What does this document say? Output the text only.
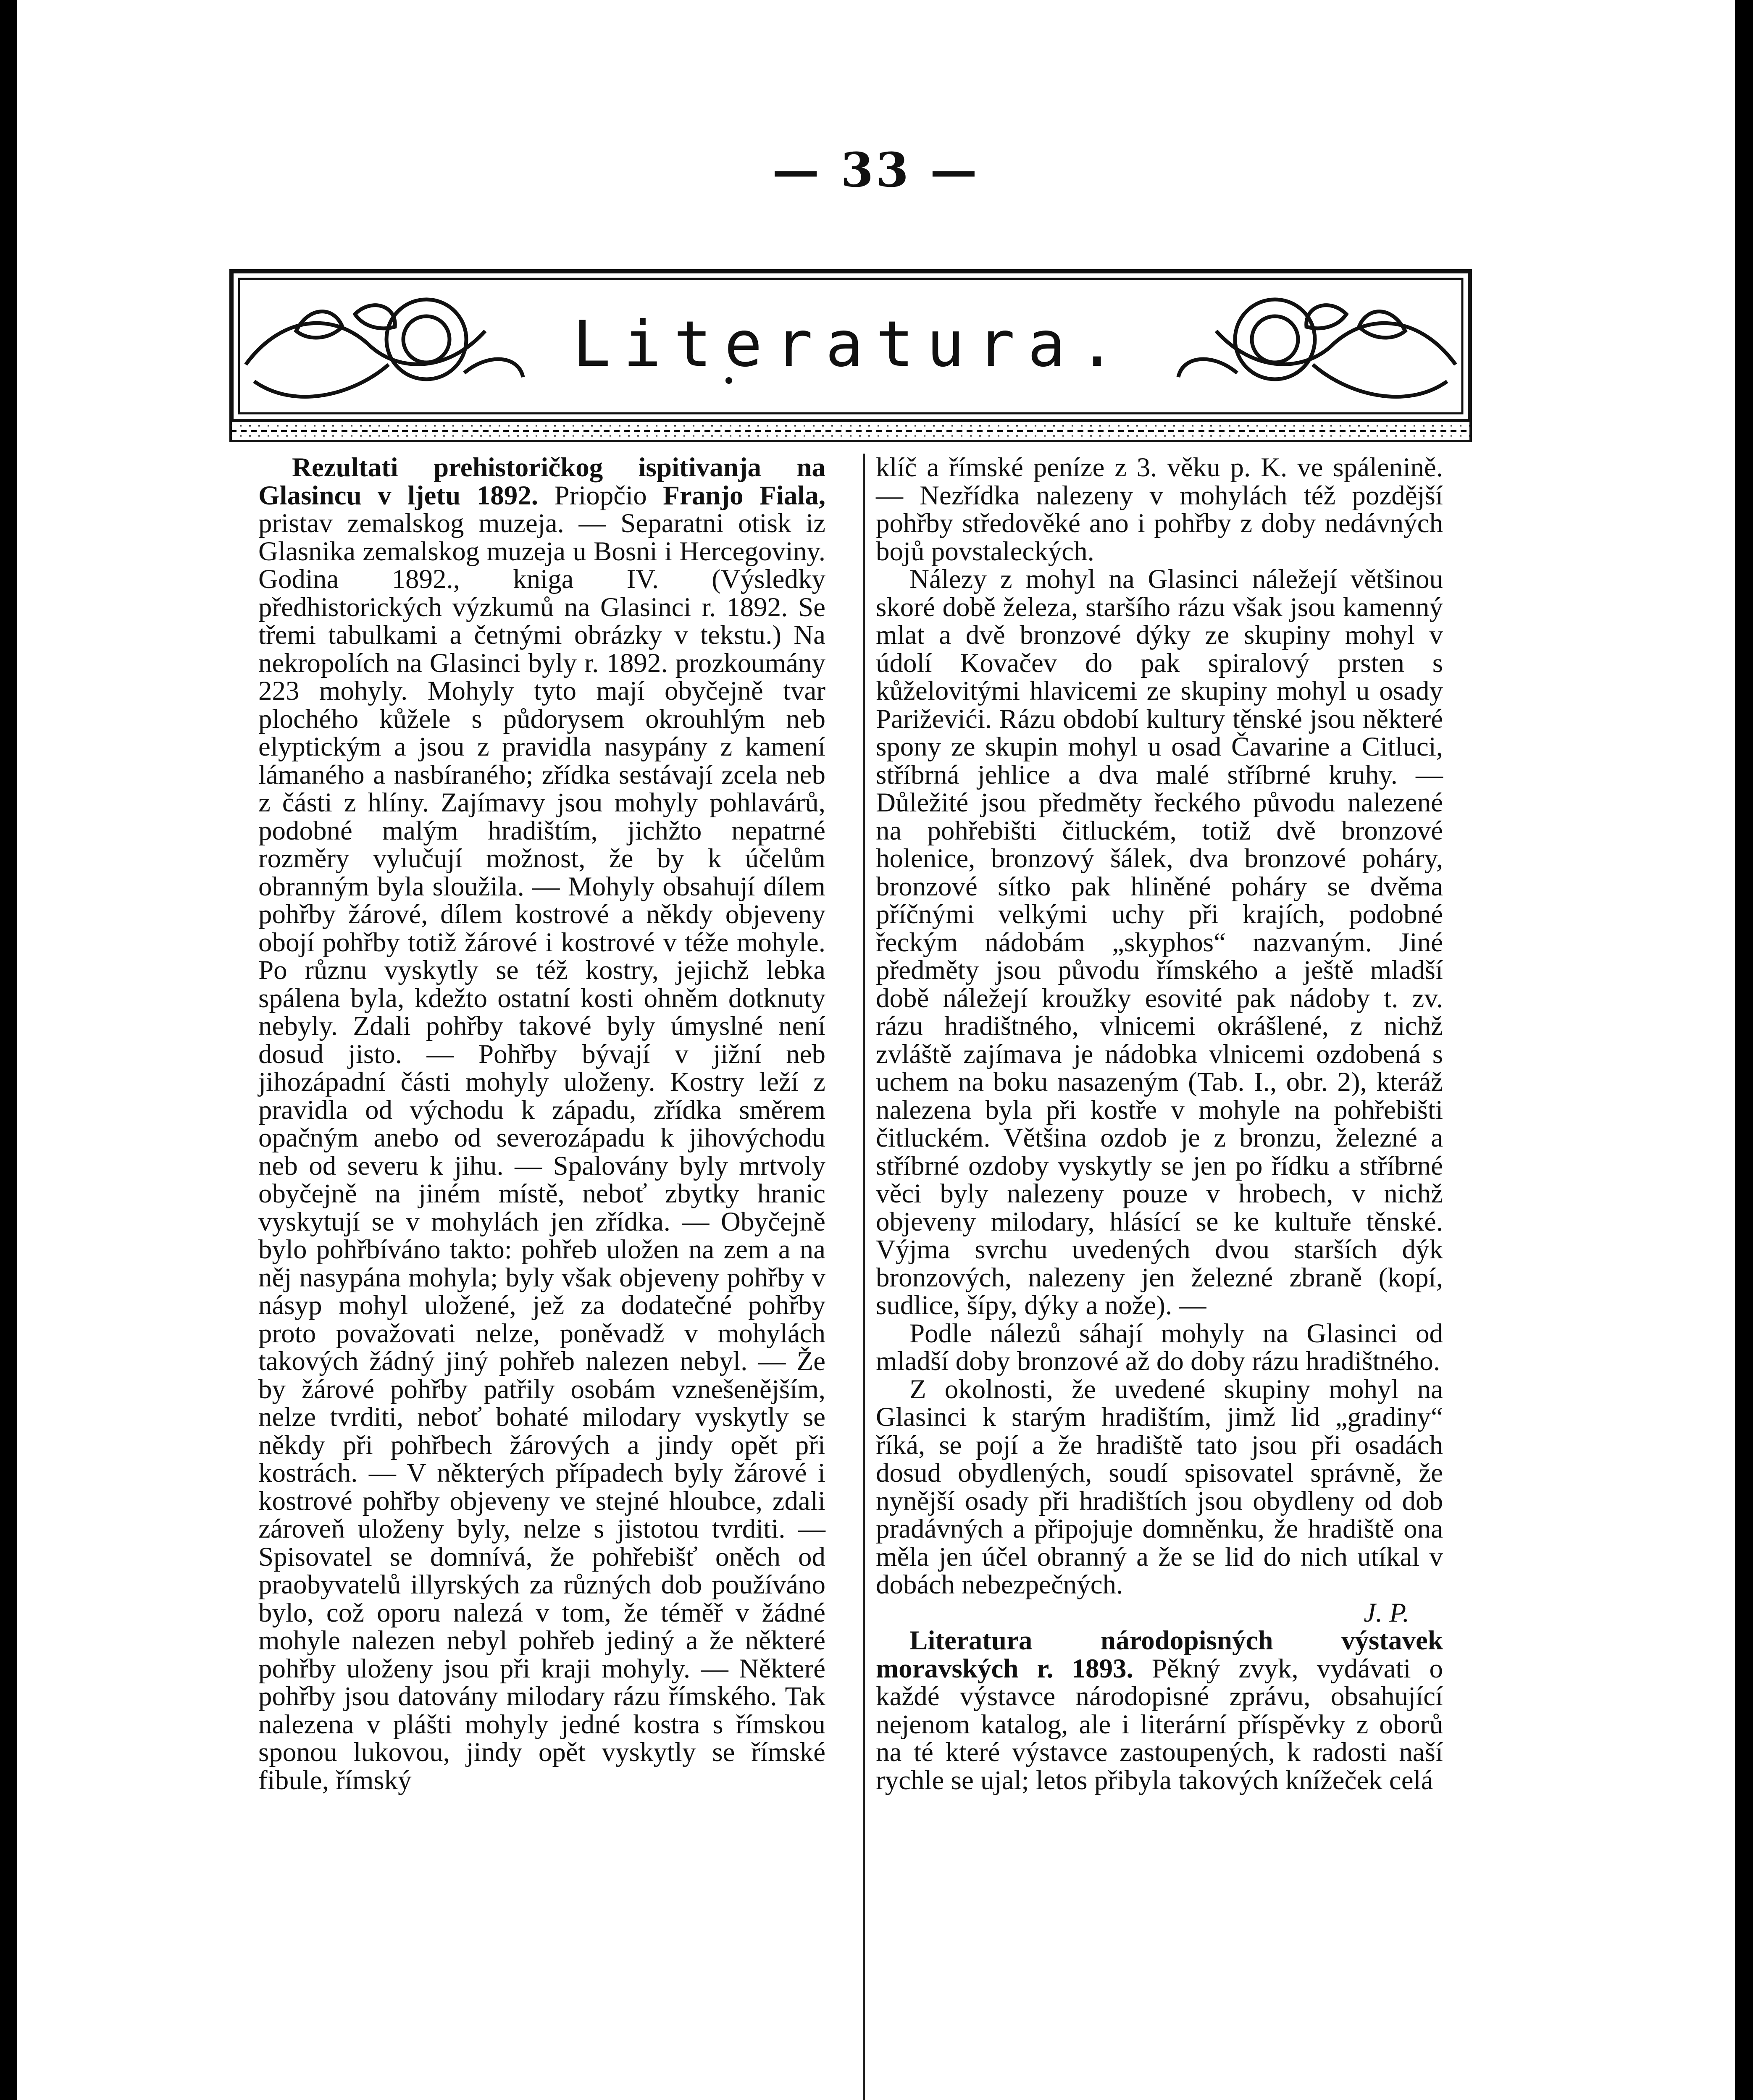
— 33 —
Literatura.

Rezultati prehistoričkog ispitivanja na Glasincu v ljetu 1892. Priopčio Franjo Fiala, pristav zemalskog muzeja. — Separatni otisk iz Glasnika zemalskog muzeja u Bosni i Hercegoviny. Godina 1892., kniga IV. (Výsledky předhistorických výzkumů na Glasinci r. 1892. Se třemi tabulkami a četnými obrázky v tekstu.) Na nekropolích na Glasinci byly r. 1892. prozkoumány 223 mohyly. Mohyly tyto mají obyčejně tvar plochého kůžele s půdorysem okrouhlým neb elyptickým a jsou z pravidla nasypány z kamení lámaného a nasbíraného; zřídka sestávají zcela neb z části z hlíny. Zajímavy jsou mohyly pohlavárů, podobné malým hradištím, jichžto nepatrné rozměry vylučují možnost, že by k účelům obranným byla sloužila. — Mohyly obsahují dílem pohřby žárové, dílem kostrové a někdy objeveny obojí pohřby totiž žárové i kostrové v téže mohyle. Po různu vyskytly se též kostry, jejichž lebka spálena byla, kdežto ostatní kosti ohněm dotknuty nebyly. Zdali pohřby takové byly úmyslné není dosud jisto. — Pohřby bývají v jižní neb jihozápadní části mohyly uloženy. Kostry leží z pravidla od východu k západu, zřídka směrem opačným anebo od severozápadu k jihovýchodu neb od severu k jihu. — Spalovány byly mrtvoly obyčejně na jiném místě, neboť zbytky hranic vyskytují se v mohylách jen zřídka. — Obyčejně bylo pohřbíváno takto: pohřeb uložen na zem a na něj nasypána mohyla; byly však objeveny pohřby v násyp mohyl uložené, jež za dodatečné pohřby proto považovati nelze, poněvadž v mohylách takových žádný jiný pohřeb nalezen nebyl. — Že by žárové pohřby patřily osobám vznešenějším, nelze tvrditi, neboť bohaté milodary vyskytly se někdy při pohřbech žárových a jindy opět při kostrách. — V některých případech byly žárové i kostrové pohřby objeveny ve stejné hloubce, zdali zároveň uloženy byly, nelze s jistotou tvrditi. — Spisovatel se domnívá, že pohřebišť oněch od praobyvatelů illyrských za různých dob používáno bylo, což oporu nalezá v tom, že téměř v žádné mohyle nalezen nebyl pohřeb jediný a že některé pohřby uloženy jsou při kraji mohyly. — Některé pohřby jsou datovány milodary rázu římského. Tak nalezena v plášti mohyly jedné kostra s římskou sponou lukovou, jindy opět vyskytly se římské fibule, římský

klíč a římské peníze z 3. věku p. K. ve spálenině. — Nezřídka nalezeny v mohylách též pozdější pohřby středověké ano i pohřby z doby nedávných bojů povstaleckých.

Nálezy z mohyl na Glasinci náležejí většinou skoré době železa, staršího rázu však jsou kamenný mlat a dvě bronzové dýky ze skupiny mohyl v údolí Kovačev do pak spiralový prsten s kůželovitými hlavicemi ze skupiny mohyl u osady Pariževići. Rázu období kultury těnské jsou některé spony ze skupin mohyl u osad Čavarine a Citluci, stříbrná jehlice a dva malé stříbrné kruhy. — Důležité jsou předměty řeckého původu nalezené na pohřebišti čitluckém, totiž dvě bronzové holenice, bronzový šálek, dva bronzové poháry, bronzové sítko pak hliněné poháry se dvěma příčnými velkými uchy při krajích, podobné řeckým nádobám „skyphos“ nazvaným. Jiné předměty jsou původu římského a ještě mladší době náležejí kroužky esovité pak nádoby t. zv. rázu hradištného, vlnicemi okrášlené, z nichž zvláště zajímava je nádobka vlnicemi ozdobená s uchem na boku nasazeným (Tab. I., obr. 2), kteráž nalezena byla při kostře v mohyle na pohřebišti čitluckém. Většina ozdob je z bronzu, železné a stříbrné ozdoby vyskytly se jen po řídku a stříbrné věci byly nalezeny pouze v hrobech, v nichž objeveny milodary, hlásící se ke kultuře těnské. Výjma svrchu uvedených dvou starších dýk bronzových, nalezeny jen železné zbraně (kopí, sudlice, šípy, dýky a nože). —

Podle nálezů sáhají mohyly na Glasinci od mladší doby bronzové až do doby rázu hradištného.

Z okolnosti, že uvedené skupiny mohyl na Glasinci k starým hradištím, jimž lid „gradiny“ říká, se pojí a že hradiště tato jsou při osadách dosud obydlených, soudí spisovatel správně, že nynější osady při hradištích jsou obydleny od dob pradávných a připojuje domněnku, že hradiště ona měla jen účel obranný a že se lid do nich utíkal v dobách nebezpečných.

J. P.

Literatura národopisných výstavek moravských r. 1893. Pěkný zvyk, vydávati o každé výstavce národopisné zprávu, obsahující nejenom katalog, ale i literární příspěvky z oborů na té které výstavce zastoupených, k radosti naší rychle se ujal; letos přibyla takových knížeček celá
